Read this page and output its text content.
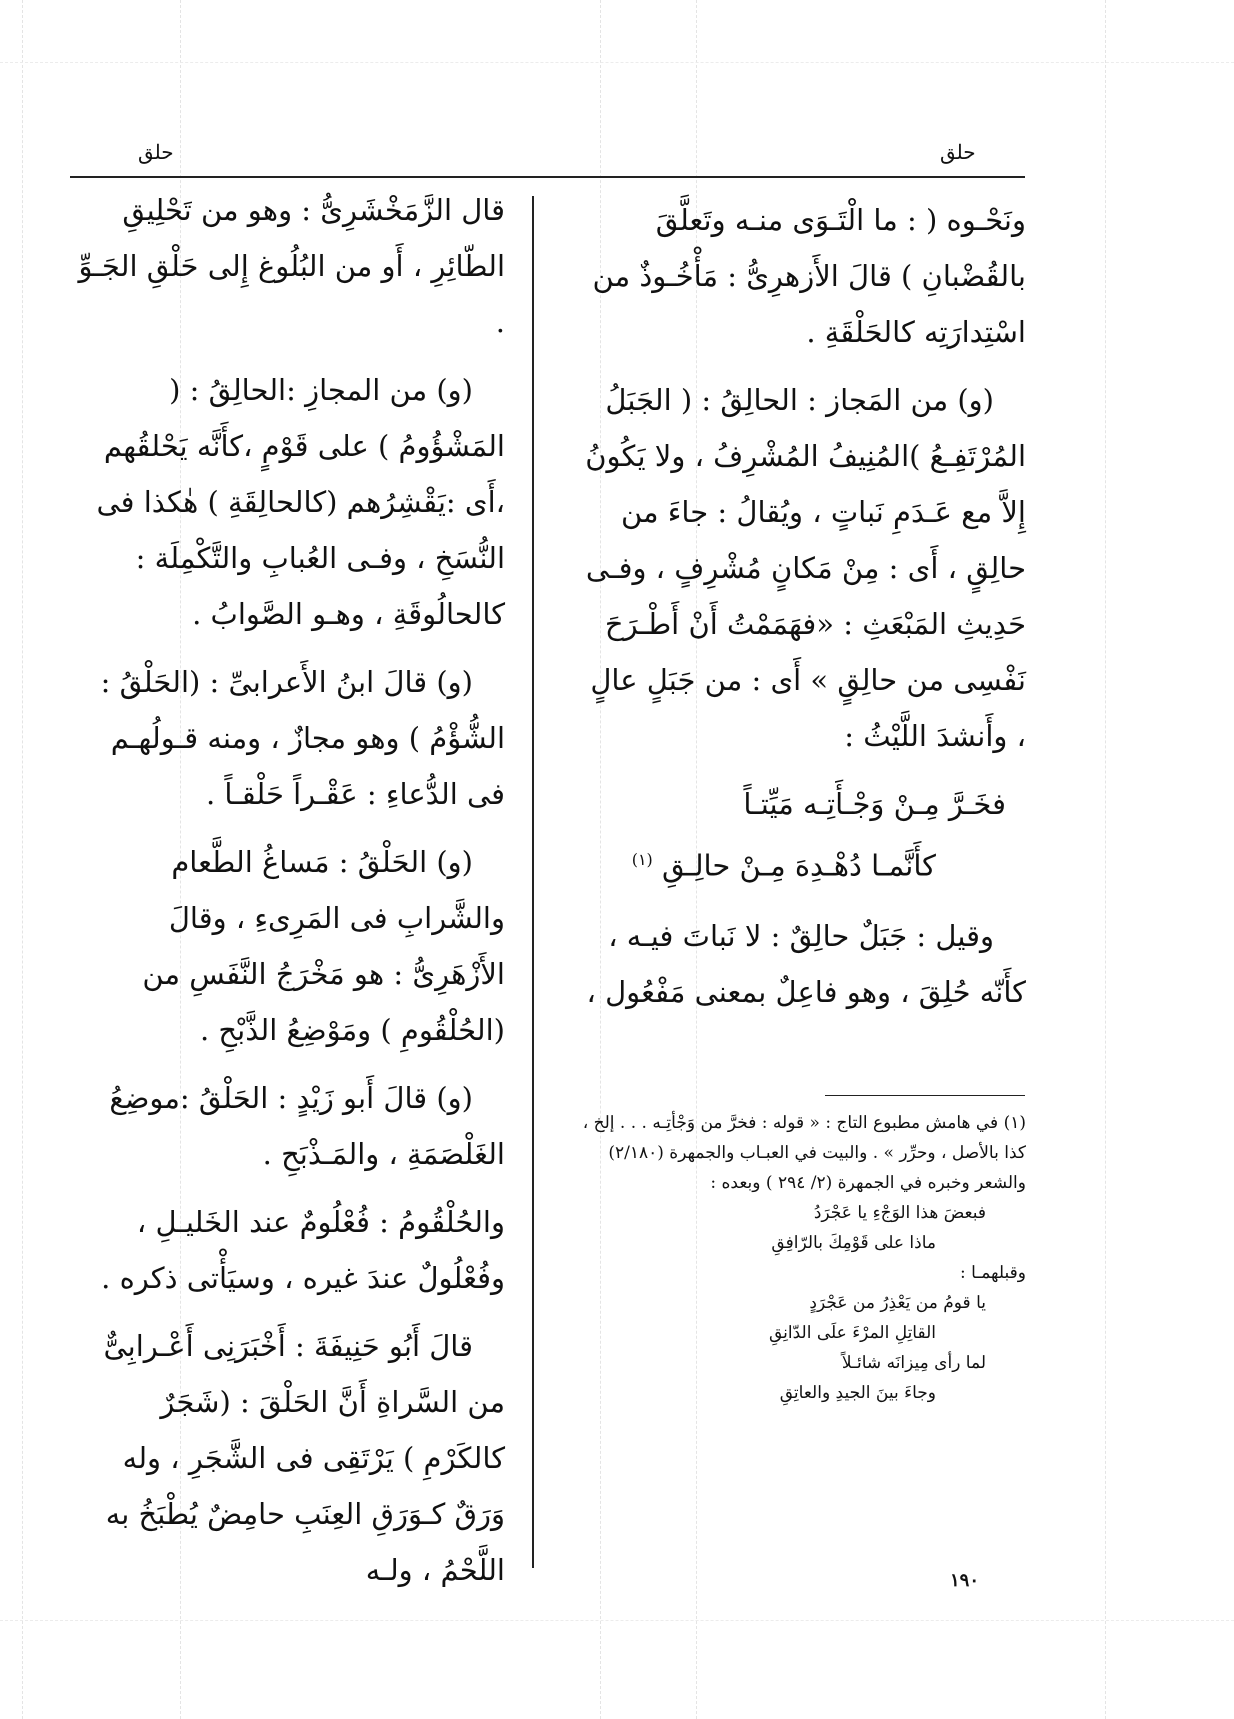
حلق
حلق

ونَحْـوه ( : ما الْتَـوَى منـه وتَعلَّقَ بالقُضْبانِ ) قالَ الأَزهرِىُّ : مَأْخُـوذٌ من اسْتِدارَتِه كالحَلْقَةِ .

(و) من المَجاز : الحالِقُ : ( الجَبَلُ المُرْتَفِـعُ )المُنِيفُ المُشْرِفُ ، ولا يَكُونُ إِلاَّ مع عَـدَمِ نَباتٍ ، ويُقالُ : جاءَ من حالِقٍ ، أَى : مِنْ مَكانٍ مُشْرِفٍ ، وفـى حَدِيثِ المَبْعَثِ : «فهَمَمْتُ أَنْ أَطْـرَحَ نَفْسِى من حالِقٍ » أَى : من جَبَلٍ عالٍ ، وأَنشدَ اللَّيْثُ :

فخَـرَّ مِـنْ وَجْـأَتِـه مَيِّتـاً
كأَنَّمـا دُهْـدِهَ مِـنْ حالِـقِ $^{(١)}$

وقيل : جَبَلٌ حالِقٌ : لا نَباتَ فيـه ، كأَنّه حُلِقَ ، وهو فاعِلٌ بمعنى مَفْعُول ،

قال الزَّمَخْشَرِىُّ : وهو من تَحْلِيقِ الطّائِرِ ، أَو من البُلُوغ إِلى حَلْقِ الجَـوِّ .

(و) من المجازِ :الحالِقُ : ( المَشْؤُومُ ) على قَوْمٍ ،كأَنَّه يَحْلقُهم ،أَى :يَقْشِرُهم (كالحالِقَةِ ) هٰكذا فى النُّسَخِ ، وفـى العُبابِ والتَّكْمِلَة : كالحالُوقَةِ ، وهـو الصَّوابُ .

(و) قالَ ابنُ الأَعرابىِّ : (الحَلْقُ : الشُّؤْمُ ) وهو مجازٌ ، ومنه قـولُهـم فى الدُّعاءِ : عَقْـراً حَلْقـاً .

(و) الحَلْقُ : مَساغُ الطَّعام والشَّرابِ فى المَرِىءِ ، وقالَ الأَزْهَرِىُّ : هو مَخْرَجُ النَّفَسِ من (الحُلْقُومِ ) ومَوْضِعُ الذَّبْحِ .

(و) قالَ أَبو زَيْدٍ : الحَلْقُ :موضِعُ الغَلْصَمَةِ ، والمَـذْبَحِ .

والحُلْقُومُ : فُعْلُومٌ عند الخَليـلِ ، وفُعْلُولٌ عندَ غيره ، وسيَأْتى ذكره .

قالَ أَبُو حَنِيفَةَ : أَخْبَرَنِى أَعْـرابِىٌّ من السَّراةِ أَنَّ الحَلْقَ : (شَجَرٌ كالكَرْمِ ) يَرْتَقِى فى الشَّجَرِ ، وله وَرَقٌ كـوَرَقِ العِنَبِ حامِضٌ يُطْبَخُ به اللَّحْمُ ، ولـه

(١) في هامش مطبوع التاج : « قوله : فخرَّ من وَجْأتِـه . . . إلخ ، كذا بالأصل ، وحرِّر » . والبيت في العبـاب والجمهرة (٢/١٨٠) والشعر وخبره في الجمهرة (٢/ ٢٩٤ ) وبعده :

فبعضَ هذا الوَجْءِ يا عَجْرَدُ

ماذا على قَوْمِكَ بالرّافِقِ

وقبلهمـا :

يا قومُ من يَعْذِرُ من عَجْرَدٍ

القاتِلِ المرْءَ علَى الدّانِقِ

لما رأى مِيزانَه شائـلاً

وجاءَ بينَ الجيدِ والعاتِقِ

١٩٠
